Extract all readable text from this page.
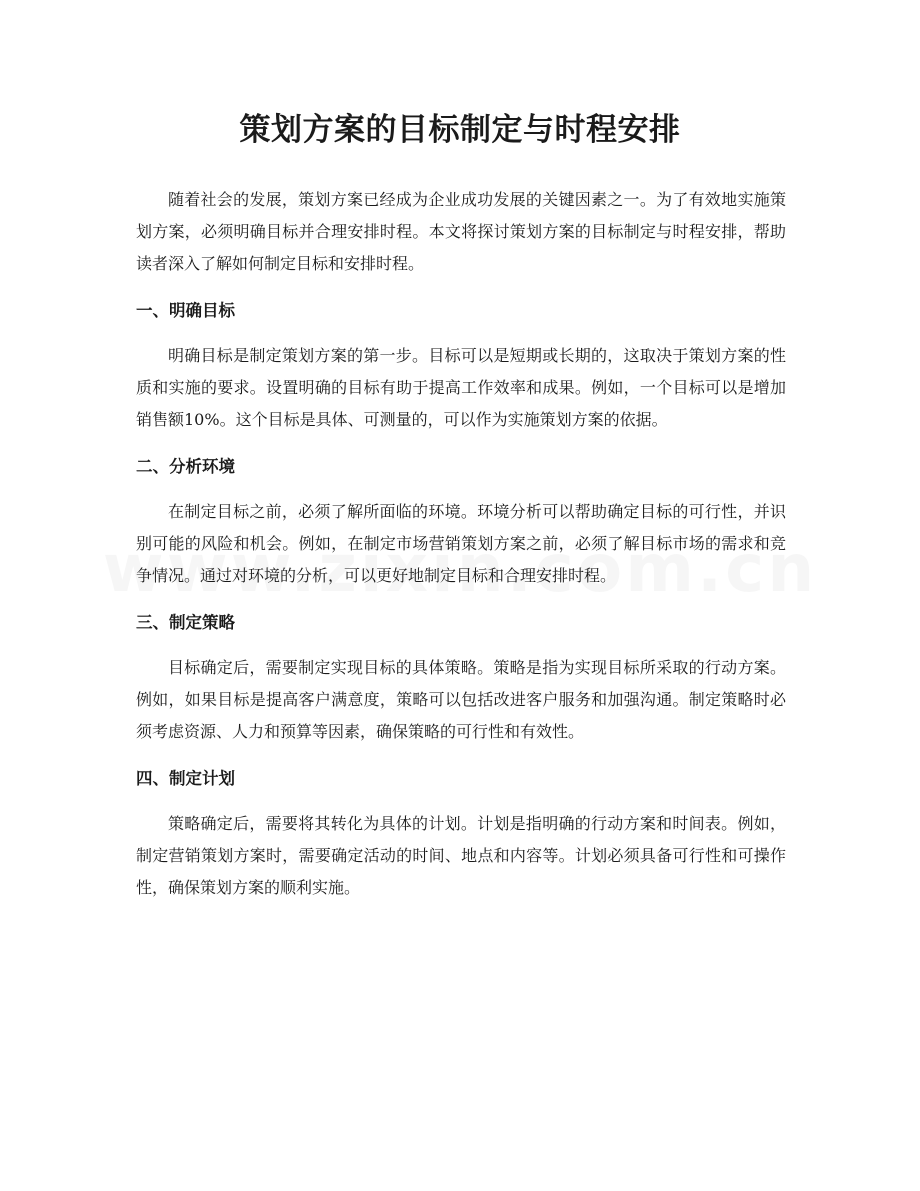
策划方案的目标制定与时程安排

随着社会的发展，策划方案已经成为企业成功发展的关键因素之一。为了有效地实施策划方案，必须明确目标并合理安排时程。本文将探讨策划方案的目标制定与时程安排，帮助读者深入了解如何制定目标和安排时程。

一、明确目标

明确目标是制定策划方案的第一步。目标可以是短期或长期的，这取决于策划方案的性质和实施的要求。设置明确的目标有助于提高工作效率和成果。例如，一个目标可以是增加销售额10%。这个目标是具体、可测量的，可以作为实施策划方案的依据。

二、分析环境

在制定目标之前，必须了解所面临的环境。环境分析可以帮助确定目标的可行性，并识别可能的风险和机会。例如，在制定市场营销策划方案之前，必须了解目标市场的需求和竞争情况。通过对环境的分析，可以更好地制定目标和合理安排时程。

三、制定策略

目标确定后，需要制定实现目标的具体策略。策略是指为实现目标所采取的行动方案。例如，如果目标是提高客户满意度，策略可以包括改进客户服务和加强沟通。制定策略时必须考虑资源、人力和预算等因素，确保策略的可行性和有效性。

四、制定计划

策略确定后，需要将其转化为具体的计划。计划是指明确的行动方案和时间表。例如，制定营销策划方案时，需要确定活动的时间、地点和内容等。计划必须具备可行性和可操作性，确保策划方案的顺利实施。
